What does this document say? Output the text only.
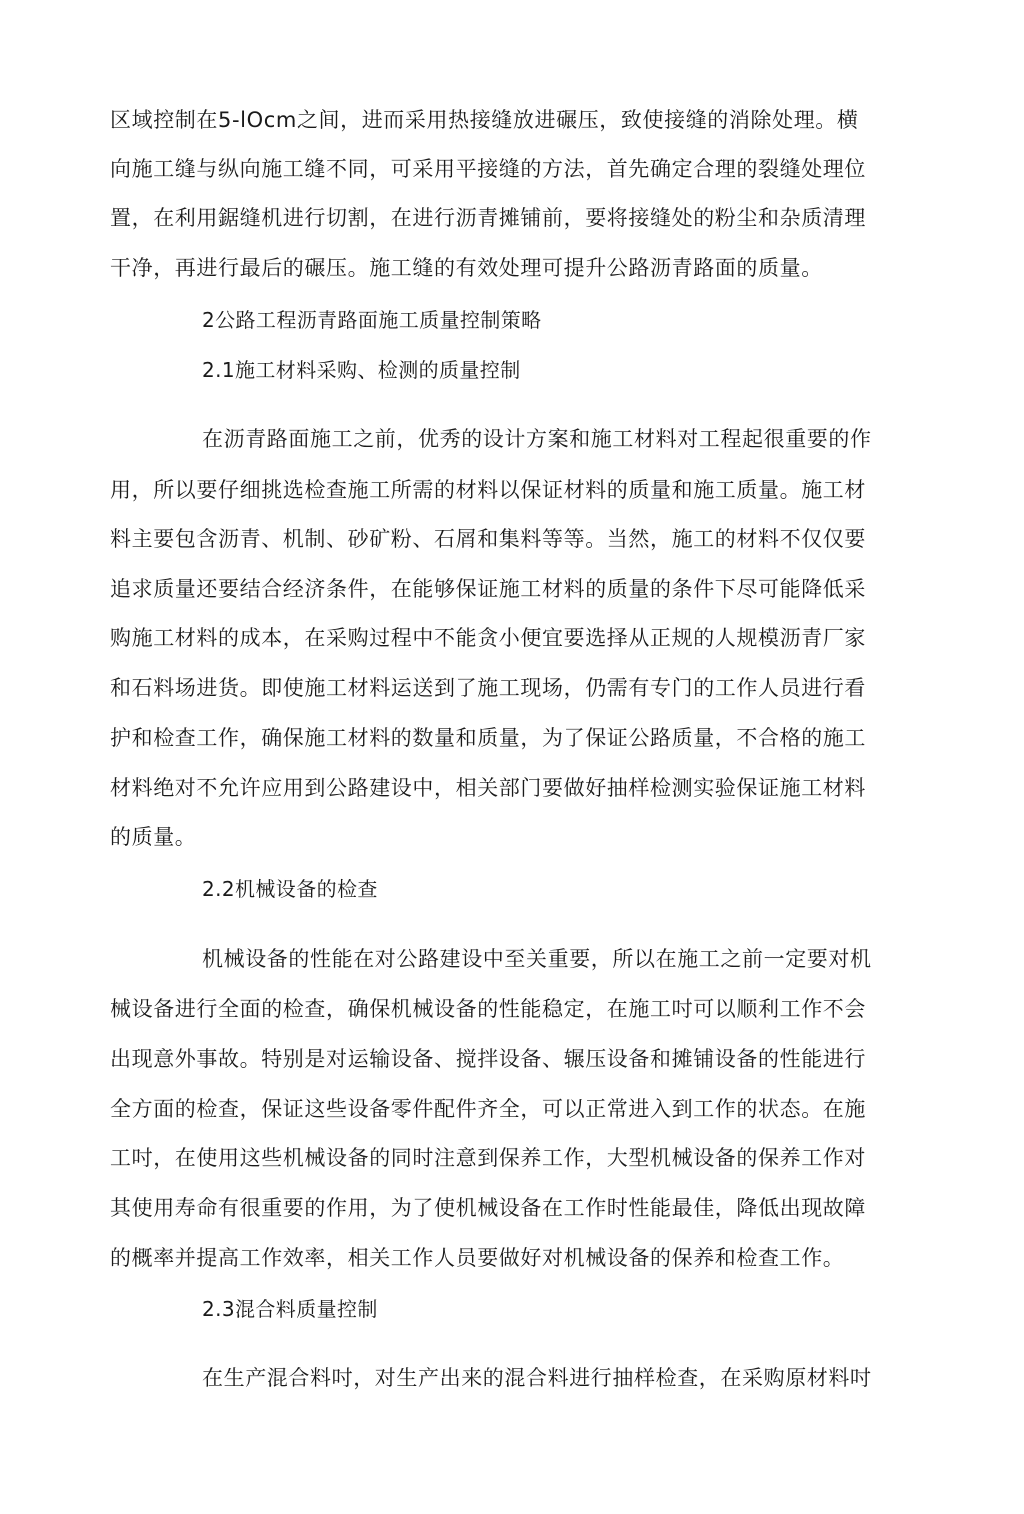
区域控制在5-lOcm之间，进而采用热接缝放进碾压，致使接缝的消除处理。横
向施工缝与纵向施工缝不同，可采用平接缝的方法，首先确定合理的裂缝处理位
置，在利用鋸缝机进行切割，在进行沥青摊铺前，要将接缝处的粉尘和杂质清理
干净，再进行最后的碾压。施工缝的有效处理可提升公路沥青路面的质量。
2公路工程沥青路面施工质量控制策略
2.1施工材料采购、检测的质量控制
在沥青路面施工之前，优秀的设计方案和施工材料对工程起很重要的作
用，所以要仔细挑选检查施工所需的材料以保证材料的质量和施工质量。施工材
料主要包含沥青、机制、砂矿粉、石屑和集料等等。当然，施工的材料不仅仅要
追求质量还要结合经济条件，在能够保证施工材料的质量的条件下尽可能降低采
购施工材料的成本，在采购过程中不能贪小便宜要选择从正规的人规模沥青厂家
和石料场进货。即使施工材料运送到了施工现场，仍需有专门的工作人员进行看
护和检查工作，确保施工材料的数量和质量，为了保证公路质量，不合格的施工
材料绝对不允许应用到公路建设中，相关部门要做好抽样检测实验保证施工材料
的质量。
2.2机械设备的检查
机械设备的性能在对公路建设中至关重要，所以在施工之前一定要对机
械设备进行全面的检查，确保机械设备的性能稳定，在施工吋可以顺利工作不会
出现意外事故。特别是对运输设备、搅拌设备、辗压设备和摊铺设备的性能进行
全方面的检查，保证这些设备零件配件齐全，可以正常进入到工作的状态。在施
工吋，在使用这些机械设备的同时注意到保养工作，大型机械设备的保养工作对
其使用寿命有很重要的作用，为了使机械设备在工作时性能最佳，降低出现故障
的概率并提高工作效率，相关工作人员要做好对机械设备的保养和检查工作。
2.3混合料质量控制
在生产混合料吋，对生产出来的混合料进行抽样检查，在采购原材料吋
